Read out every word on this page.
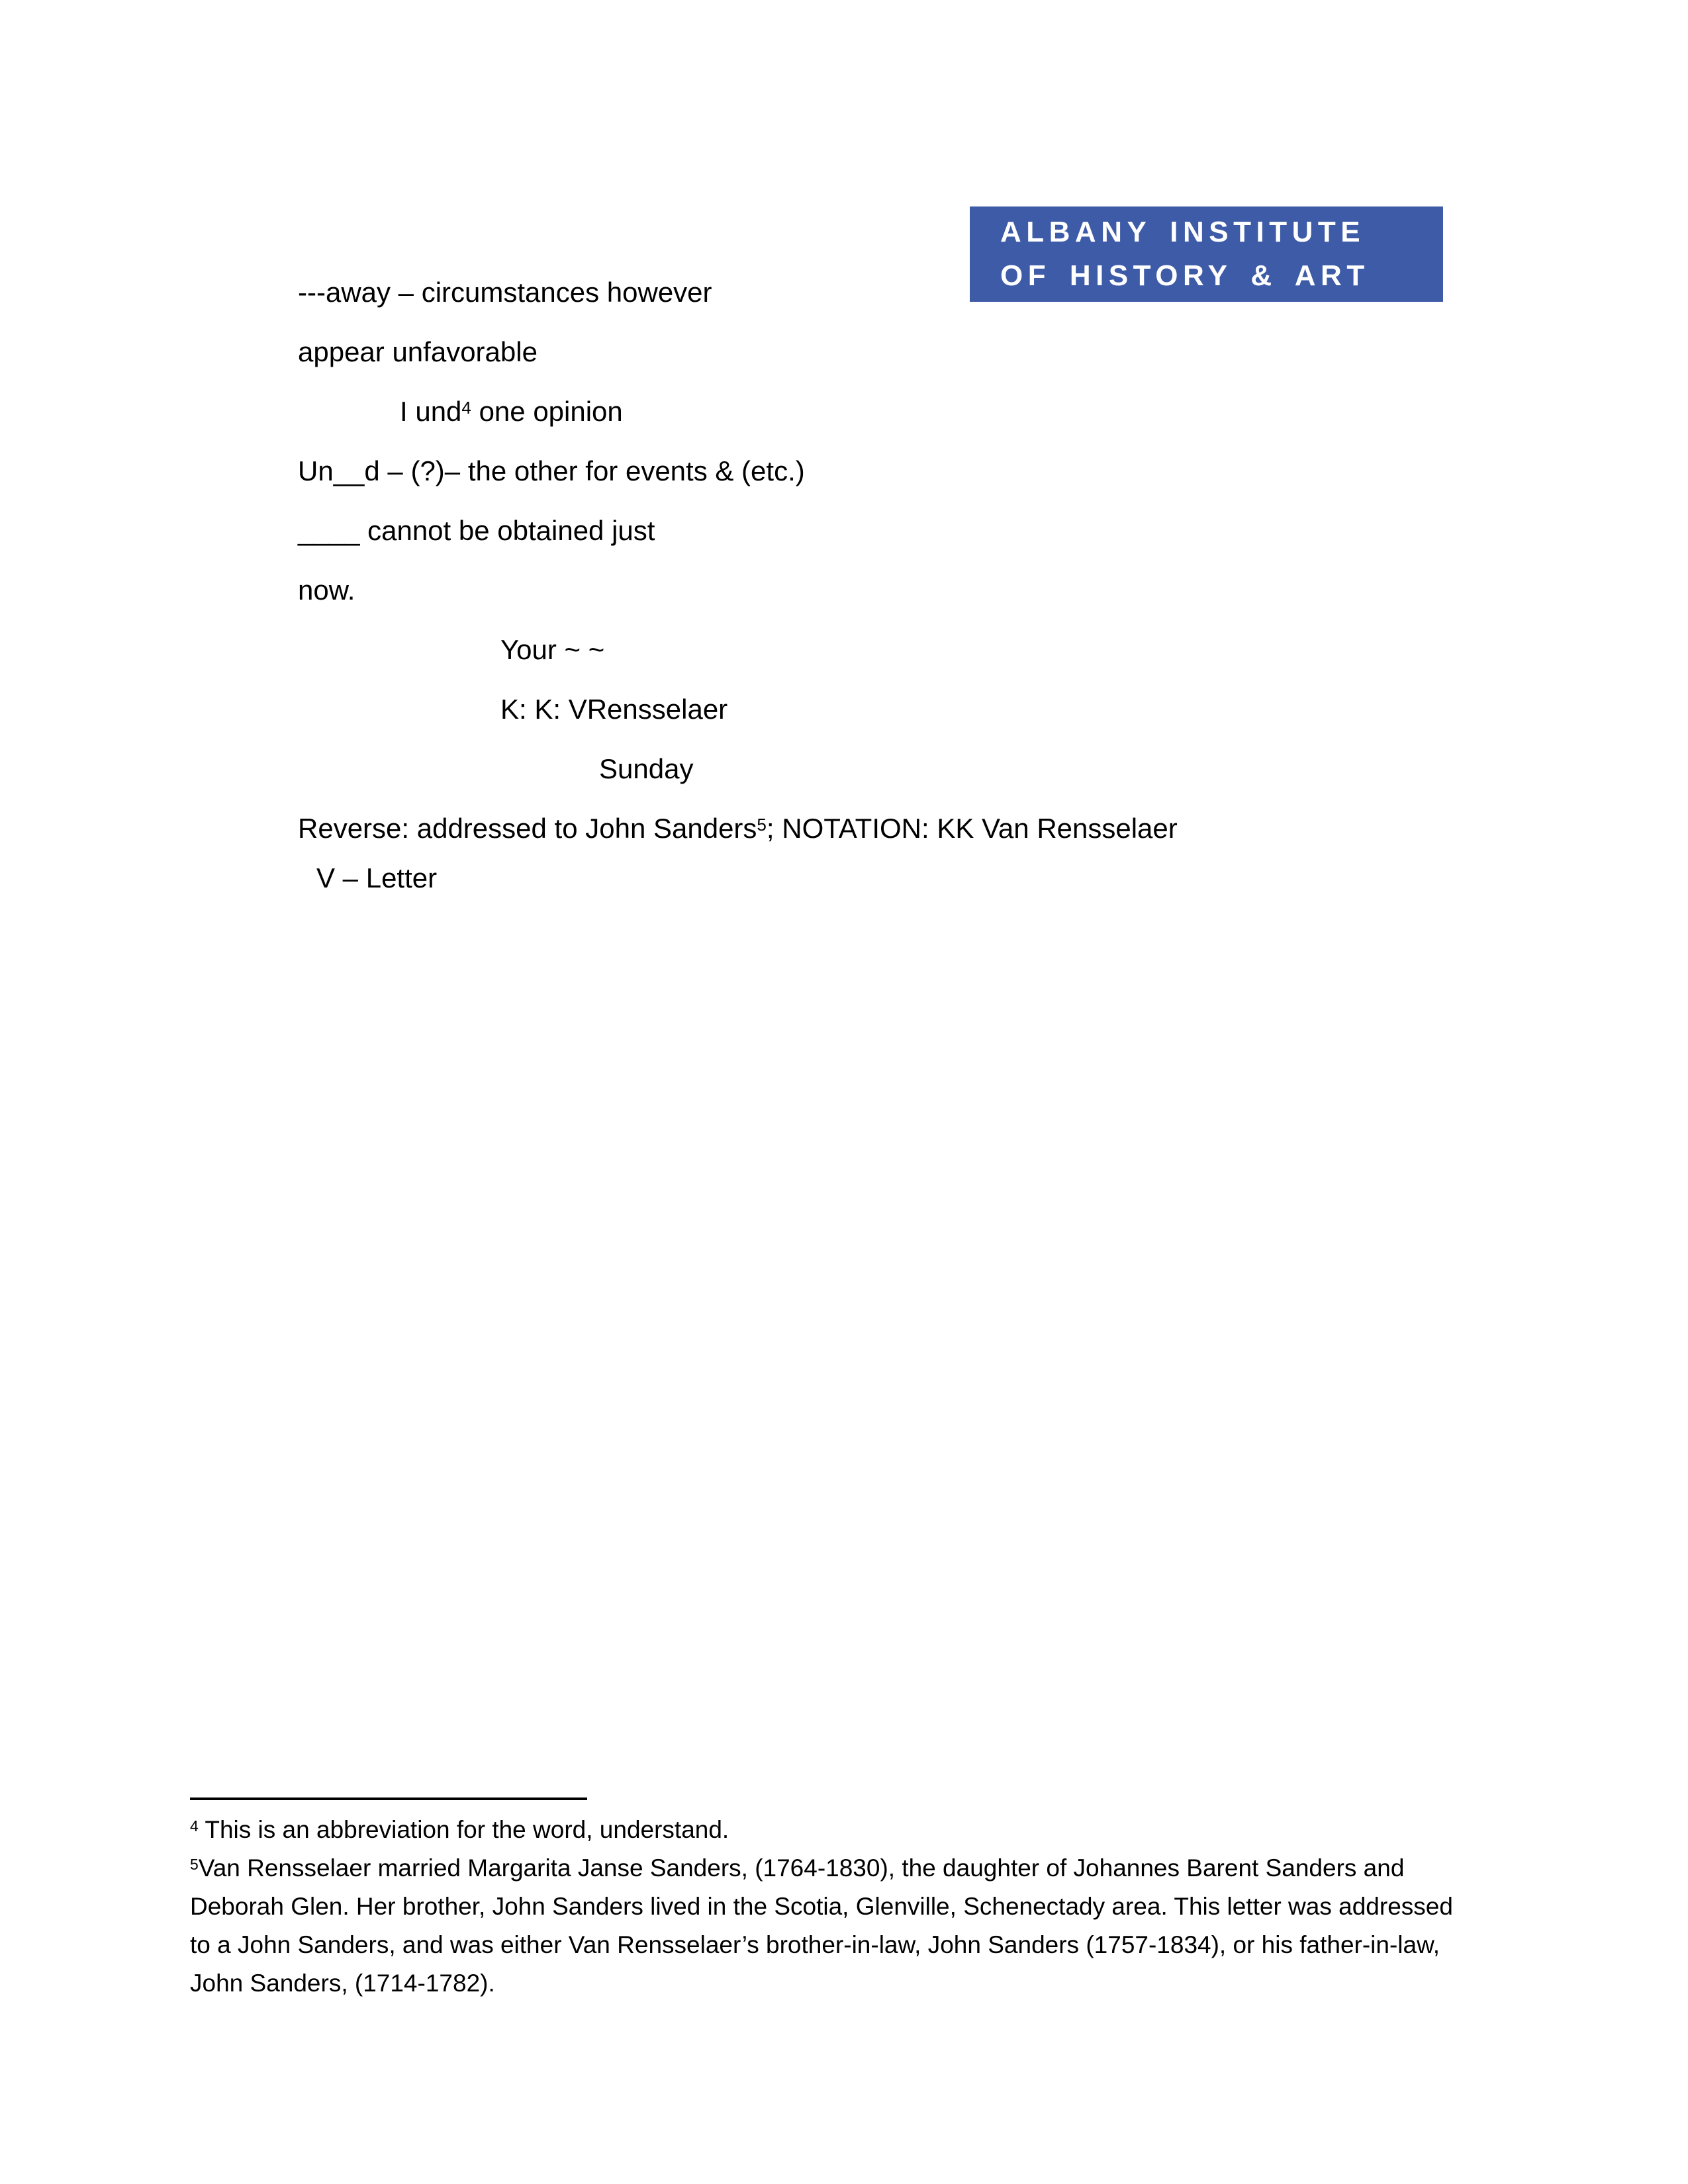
ALBANY INSTITUTE
OF HISTORY & ART
---away – circumstances however
appear unfavorable
I und$^4$ one opinion
Un__d – (?)– the other for events & (etc.)
____ cannot be obtained just
now.
Your ~ ~
K: K: VRensselaer
Sunday
Reverse: addressed to John Sanders$^5$; NOTATION: KK Van Rensselaer
V – Letter
$^4$ This is an abbreviation for the word, understand.
$^5$Van Rensselaer married Margarita Janse Sanders, (1764-1830), the daughter of Johannes Barent Sanders and
Deborah Glen. Her brother, John Sanders lived in the Scotia, Glenville, Schenectady area. This letter was addressed
to a John Sanders, and was either Van Rensselaer’s brother-in-law, John Sanders (1757-1834), or his father-in-law,
John Sanders, (1714-1782).
